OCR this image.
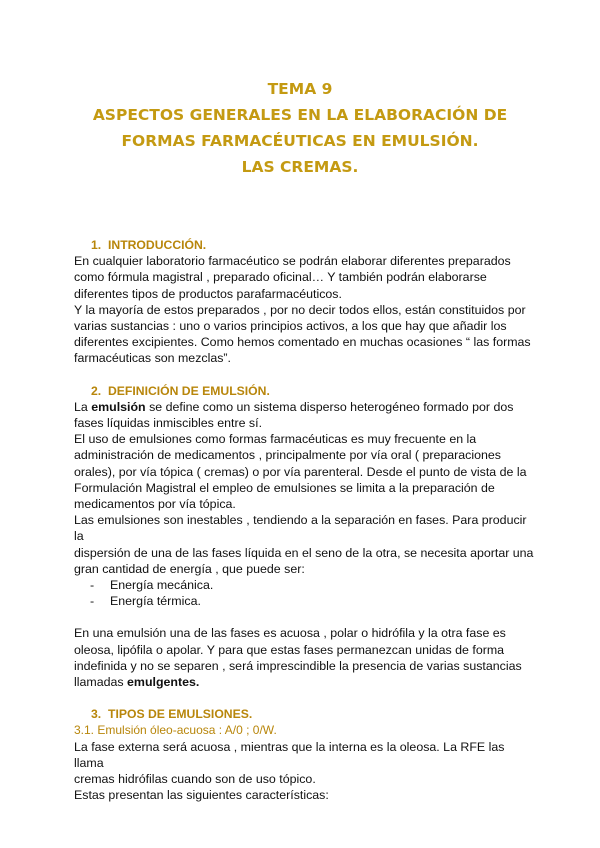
TEMA 9
ASPECTOS GENERALES EN LA ELABORACIÓN DE
FORMAS FARMACÉUTICAS EN EMULSIÓN.
LAS CREMAS.
1. INTRODUCCIÓN.
En cualquier laboratorio farmacéutico se podrán elaborar diferentes preparados
como fórmula magistral , preparado oficinal… Y también podrán elaborarse
diferentes tipos de productos parafarmacéuticos.
Y la mayoría de estos preparados , por no decir todos ellos, están constituidos por
varias sustancias : uno o varios principios activos, a los que hay que añadir los
diferentes excipientes. Como hemos comentado en muchas ocasiones “ las formas
farmacéuticas son mezclas”.
2. DEFINICIÓN DE EMULSIÓN.
La emulsión se define como un sistema disperso heterogéneo formado por dos
fases líquidas inmiscibles entre sí.
El uso de emulsiones como formas farmacéuticas es muy frecuente en la
administración de medicamentos , principalmente por vía oral ( preparaciones
orales), por vía tópica ( cremas) o por vía parenteral. Desde el punto de vista de la
Formulación Magistral el empleo de emulsiones se limita a la preparación de
medicamentos por vía tópica.
Las emulsiones son inestables , tendiendo a la separación en fases. Para producir la
dispersión de una de las fases líquida en el seno de la otra, se necesita aportar una
gran cantidad de energía , que puede ser:
- Energía mecánica.
- Energía térmica.
En una emulsión una de las fases es acuosa , polar o hidrófila y la otra fase es
oleosa, lipófila o apolar. Y para que estas fases permanezcan unidas de forma
indefinida y no se separen , será imprescindible la presencia de varias sustancias
llamadas emulgentes.
3. TIPOS DE EMULSIONES.
3.1. Emulsión óleo-acuosa : A/0 ; 0/W.
La fase externa será acuosa , mientras que la interna es la oleosa. La RFE las llama
cremas hidrófilas cuando son de uso tópico.
Estas presentan las siguientes características:
